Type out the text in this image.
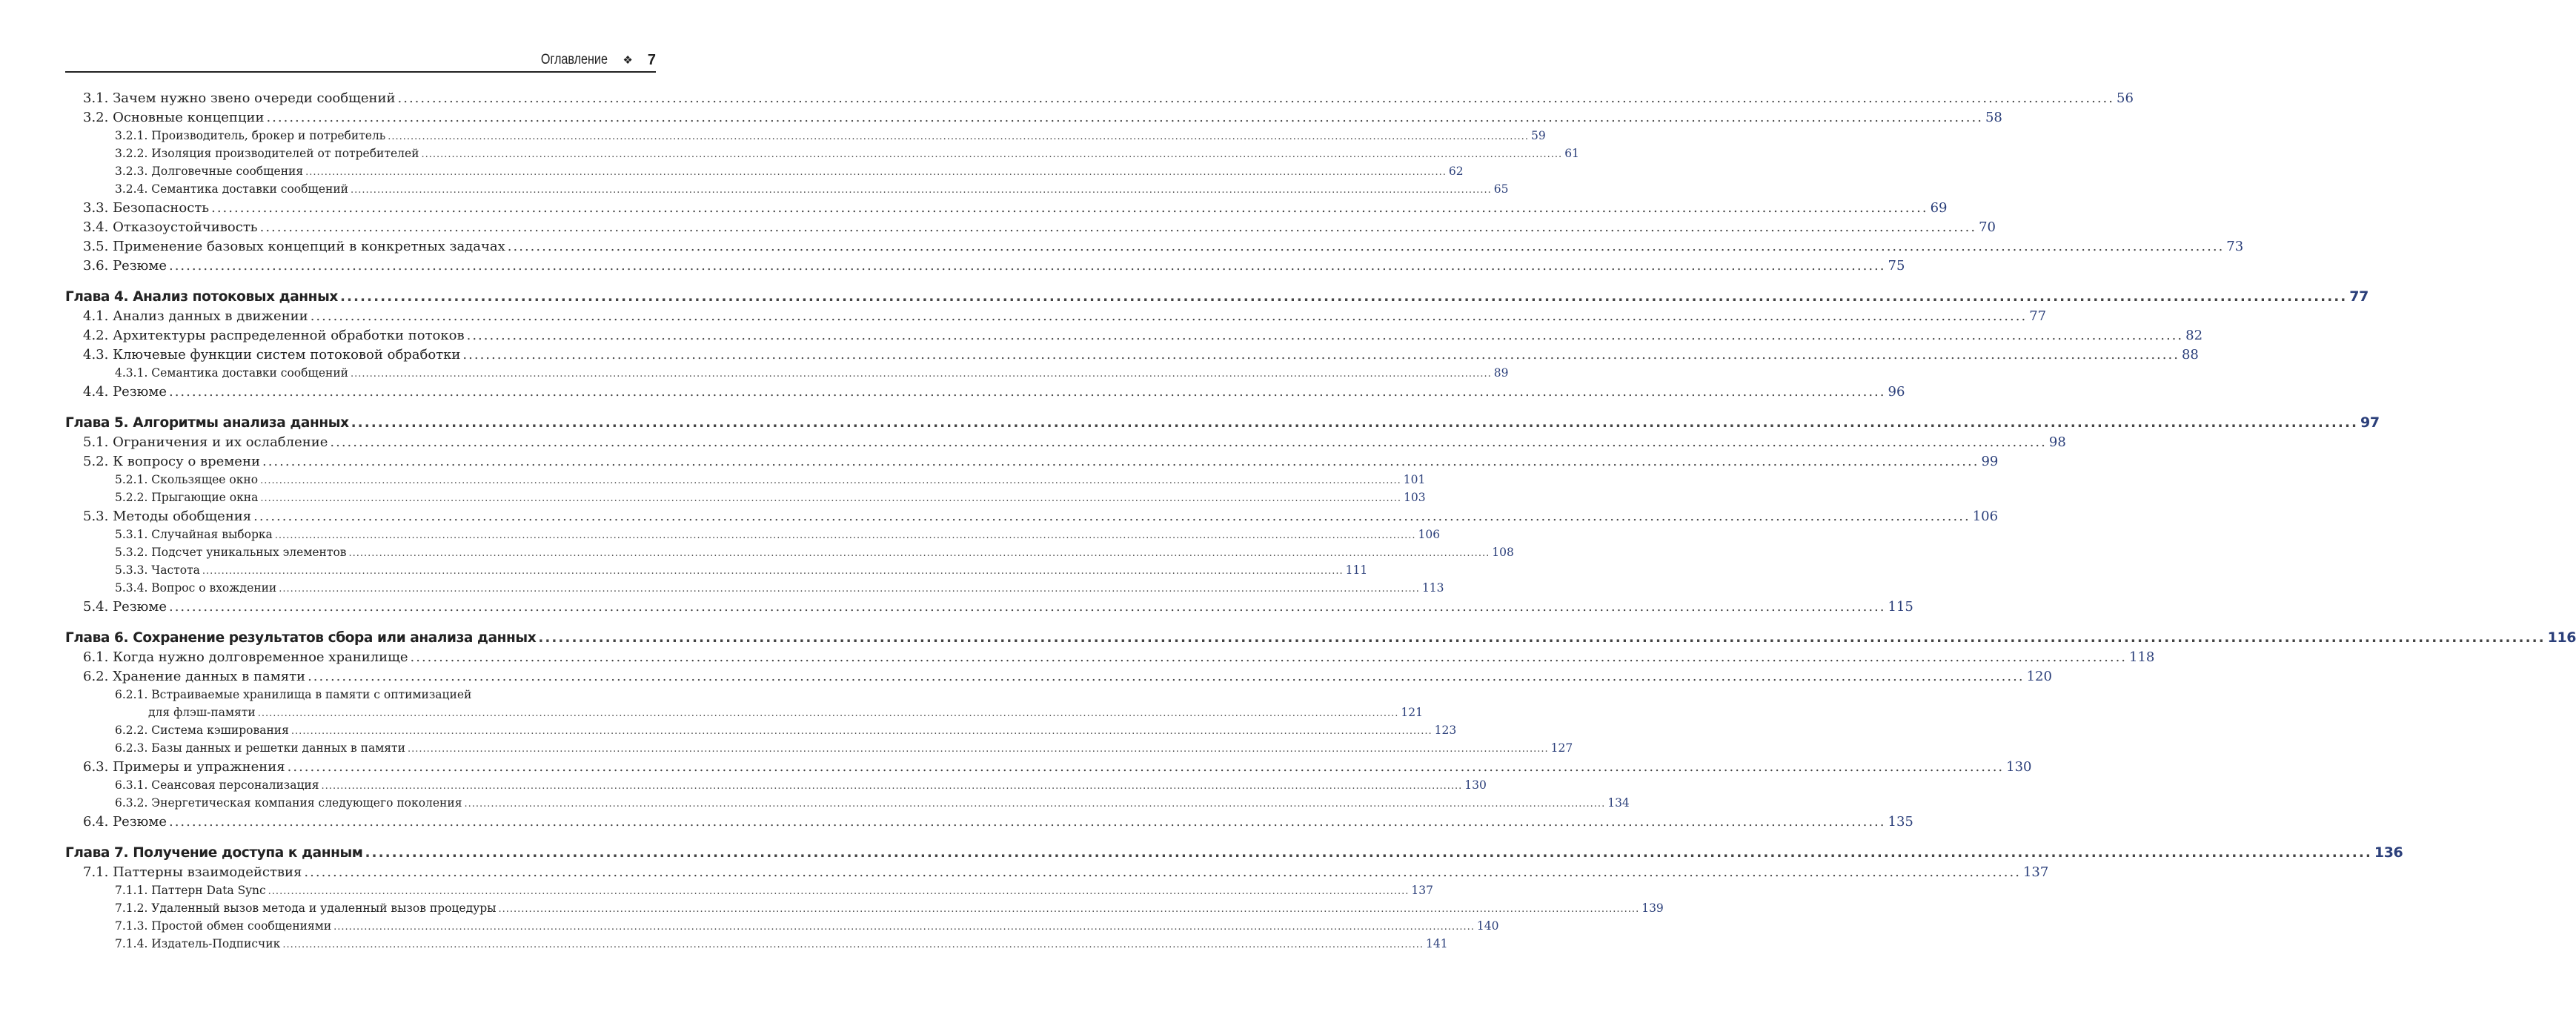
Оглавление ❖ 7
3.1. Зачем нужно звено очереди сообщений ............................................................................................................................................................................................................................................................................................................ 56
3.2. Основные концепции ............................................................................................................................................................................................................................................................................................................ 58
3.2.1. Производитель, брокер и потребитель ............................................................................................................................................................................................................................................................................................................ 59
3.2.2. Изоляция производителей от потребителей ............................................................................................................................................................................................................................................................................................................ 61
3.2.3. Долговечные сообщения ............................................................................................................................................................................................................................................................................................................ 62
3.2.4. Семантика доставки сообщений ............................................................................................................................................................................................................................................................................................................ 65
3.3. Безопасность ............................................................................................................................................................................................................................................................................................................ 69
3.4. Отказоустойчивость ............................................................................................................................................................................................................................................................................................................ 70
3.5. Применение базовых концепций в конкретных задачах ............................................................................................................................................................................................................................................................................................................ 73
3.6. Резюме ............................................................................................................................................................................................................................................................................................................ 75
Глава 4. Анализ потоковых данных ............................................................................................................................................................................................................................................................................................................ 77
4.1. Анализ данных в движении ............................................................................................................................................................................................................................................................................................................ 77
4.2. Архитектуры распределенной обработки потоков ............................................................................................................................................................................................................................................................................................................ 82
4.3. Ключевые функции систем потоковой обработки ............................................................................................................................................................................................................................................................................................................ 88
4.3.1. Семантика доставки сообщений ............................................................................................................................................................................................................................................................................................................ 89
4.4. Резюме ............................................................................................................................................................................................................................................................................................................ 96
Глава 5. Алгоритмы анализа данных ............................................................................................................................................................................................................................................................................................................ 97
5.1. Ограничения и их ослабление ............................................................................................................................................................................................................................................................................................................ 98
5.2. К вопросу о времени ............................................................................................................................................................................................................................................................................................................ 99
5.2.1. Скользящее окно ............................................................................................................................................................................................................................................................................................................ 101
5.2.2. Прыгающие окна ............................................................................................................................................................................................................................................................................................................ 103
5.3. Методы обобщения ............................................................................................................................................................................................................................................................................................................ 106
5.3.1. Случайная выборка ............................................................................................................................................................................................................................................................................................................ 106
5.3.2. Подсчет уникальных элементов ............................................................................................................................................................................................................................................................................................................ 108
5.3.3. Частота ............................................................................................................................................................................................................................................................................................................ 111
5.3.4. Вопрос о вхождении ............................................................................................................................................................................................................................................................................................................ 113
5.4. Резюме ............................................................................................................................................................................................................................................................................................................ 115
Глава 6. Сохранение результатов сбора или анализа данных ............................................................................................................................................................................................................................................................................................................ 116
6.1. Когда нужно долговременное хранилище ............................................................................................................................................................................................................................................................................................................ 118
6.2. Хранение данных в памяти ............................................................................................................................................................................................................................................................................................................ 120
6.2.1. Встраиваемые хранилища в памяти с оптимизацией
для флэш-памяти ............................................................................................................................................................................................................................................................................................................ 121
6.2.2. Система кэширования ............................................................................................................................................................................................................................................................................................................ 123
6.2.3. Базы данных и решетки данных в памяти ............................................................................................................................................................................................................................................................................................................ 127
6.3. Примеры и упражнения ............................................................................................................................................................................................................................................................................................................ 130
6.3.1. Сеансовая персонализация ............................................................................................................................................................................................................................................................................................................ 130
6.3.2. Энергетическая компания следующего поколения ............................................................................................................................................................................................................................................................................................................ 134
6.4. Резюме ............................................................................................................................................................................................................................................................................................................ 135
Глава 7. Получение доступа к данным ............................................................................................................................................................................................................................................................................................................ 136
7.1. Паттерны взаимодействия ............................................................................................................................................................................................................................................................................................................ 137
7.1.1. Паттерн Data Sync ............................................................................................................................................................................................................................................................................................................ 137
7.1.2. Удаленный вызов метода и удаленный вызов процедуры ............................................................................................................................................................................................................................................................................................................ 139
7.1.3. Простой обмен сообщениями ............................................................................................................................................................................................................................................................................................................ 140
7.1.4. Издатель-Подписчик ............................................................................................................................................................................................................................................................................................................ 141
